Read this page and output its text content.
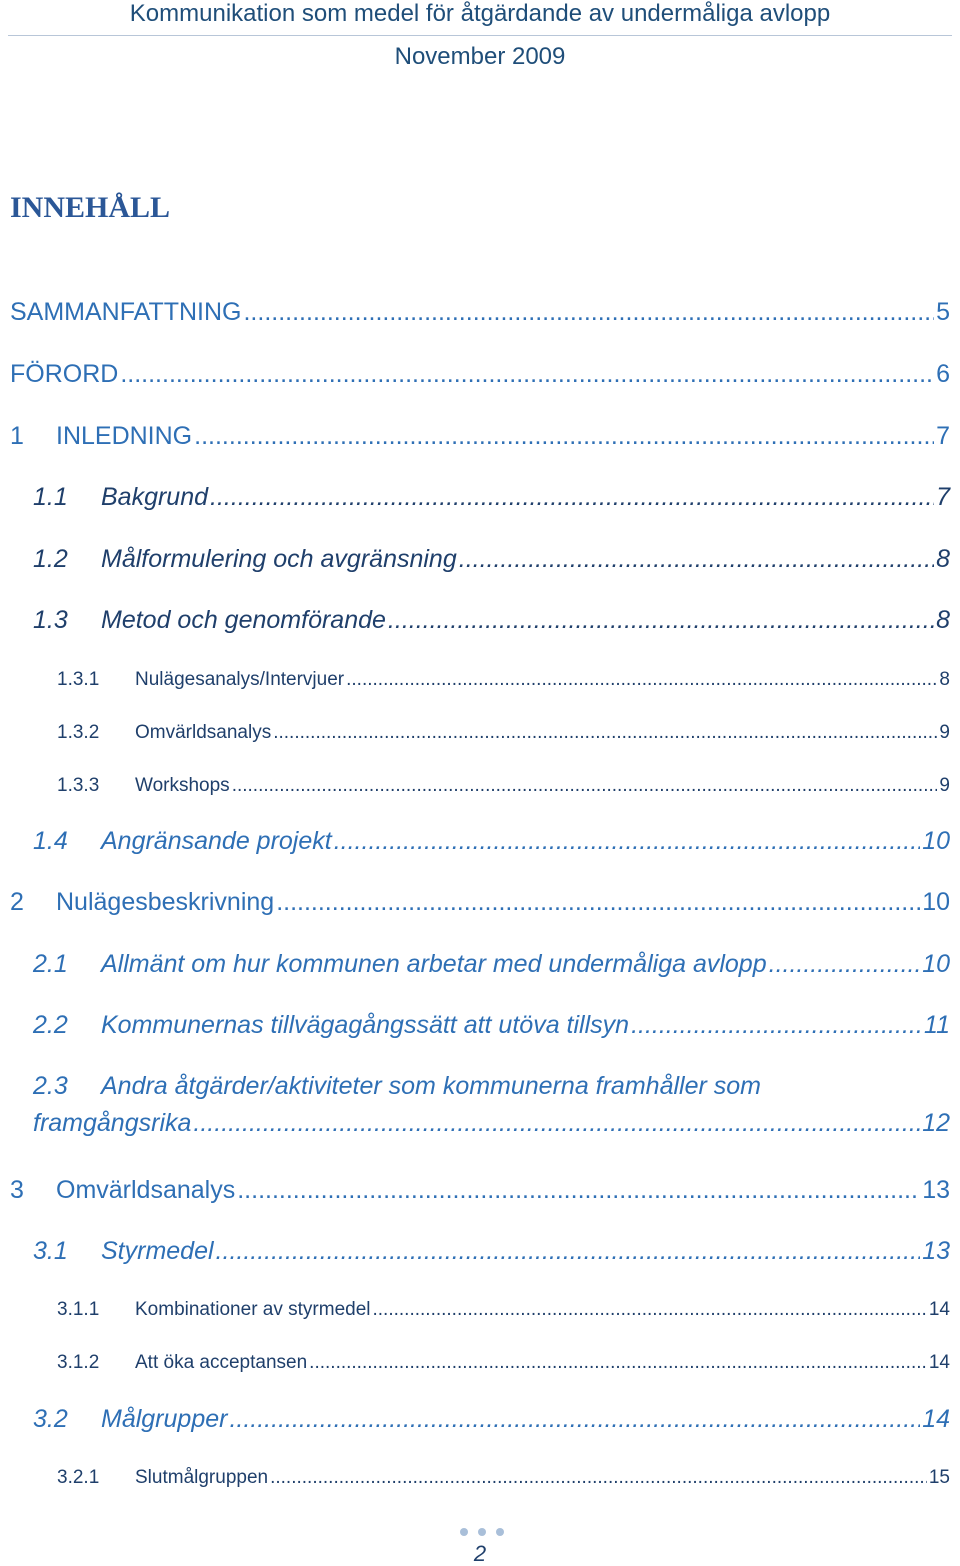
Kommunikation som medel för åtgärdande av undermåliga avlopp
November 2009
INNEHÅLL
SAMMANFATTNING .....	5
FÖRORD .....	6
1	INLEDNING .....	7
1.1	Bakgrund .....	7
1.2	Målformulering och avgränsning .....	8
1.3	Metod och genomförande .....	8
1.3.1	Nulägesanalys/Intervjuer .....	8
1.3.2	Omvärldsanalys .....	9
1.3.3	Workshops .....	9
1.4	Angränsande projekt .....	10
2	Nulägesbeskrivning .....	10
2.1	Allmänt om hur kommunen arbetar med undermåliga avlopp .....	10
2.2	Kommunernas tillvägagångssätt att utöva tillsyn .....	11
2.3	Andra åtgärder/aktiviteter som kommunerna framhåller som
framgångsrika .....	12
3	Omvärldsanalys .....	13
3.1	Styrmedel .....	13
3.1.1	Kombinationer av styrmedel .....	14
3.1.2	Att öka acceptansen .....	14
3.2	Målgrupper .....	14
3.2.1	Slutmålgruppen .....	15
2
